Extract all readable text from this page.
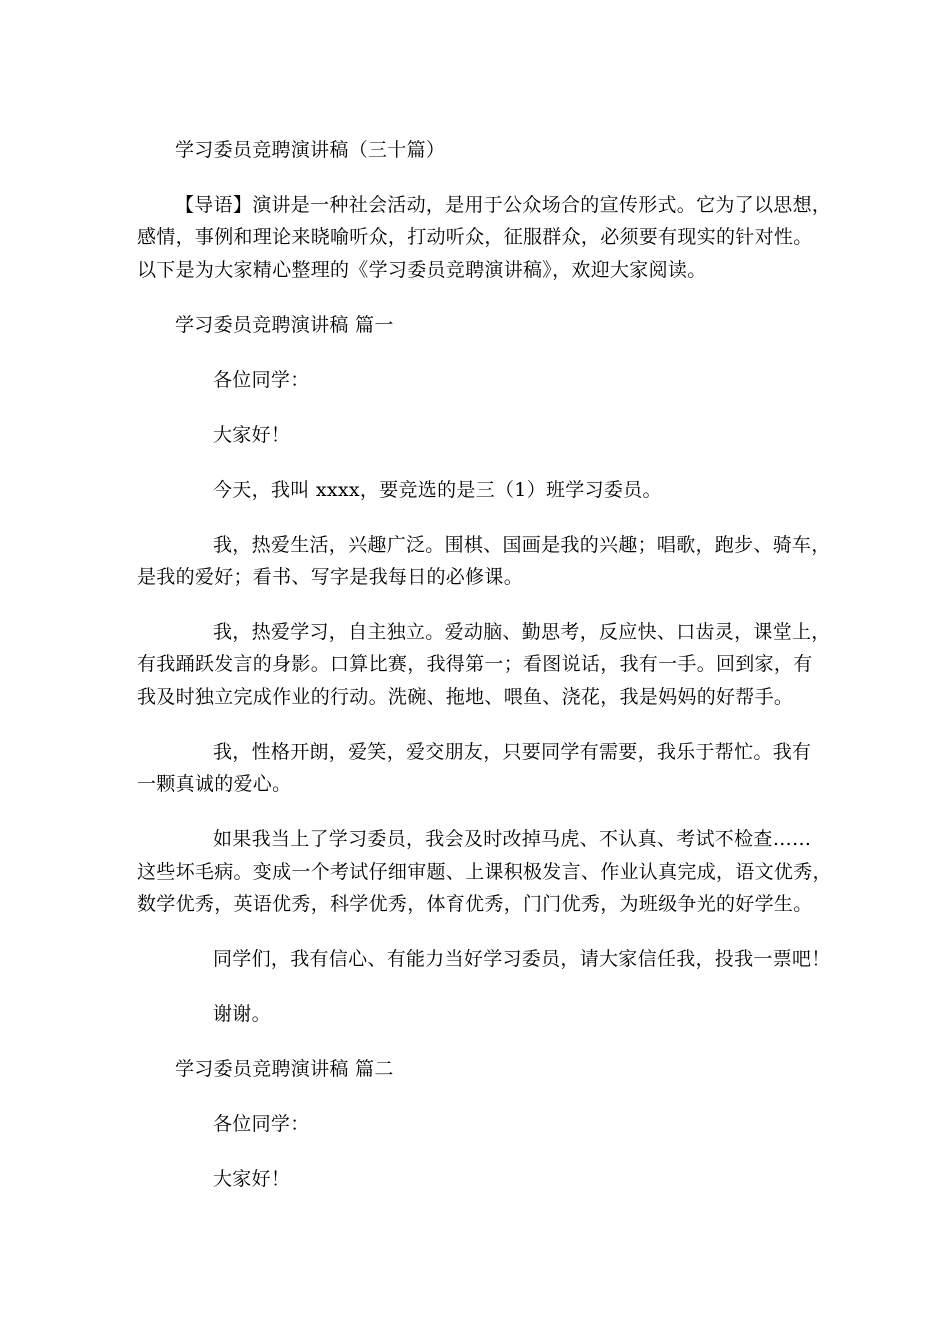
学习委员竞聘演讲稿（三十篇）
【导语】演讲是一种社会活动，是用于公众场合的宣传形式。它为了以思想，
感情，事例和理论来晓喻听众，打动听众，征服群众，必须要有现实的针对性。
以下是为大家精心整理的《学习委员竞聘演讲稿》，欢迎大家阅读。
学习委员竞聘演讲稿 篇一
各位同学：
大家好！
今天，我叫 xxxx，要竞选的是三（1）班学习委员。
我，热爱生活，兴趣广泛。围棋、国画是我的兴趣；唱歌，跑步、骑车，
是我的爱好；看书、写字是我每日的必修课。
我，热爱学习，自主独立。爱动脑、勤思考，反应快、口齿灵，课堂上，
有我踊跃发言的身影。口算比赛，我得第一；看图说话，我有一手。回到家，有
我及时独立完成作业的行动。洗碗、拖地、喂鱼、浇花，我是妈妈的好帮手。
我，性格开朗，爱笑，爱交朋友，只要同学有需要，我乐于帮忙。我有
一颗真诚的爱心。
如果我当上了学习委员，我会及时改掉马虎、不认真、考试不检查……
这些坏毛病。变成一个考试仔细审题、上课积极发言、作业认真完成，语文优秀，
数学优秀，英语优秀，科学优秀，体育优秀，门门优秀，为班级争光的好学生。
同学们，我有信心、有能力当好学习委员，请大家信任我，投我一票吧！
谢谢。
学习委员竞聘演讲稿 篇二
各位同学：
大家好！
